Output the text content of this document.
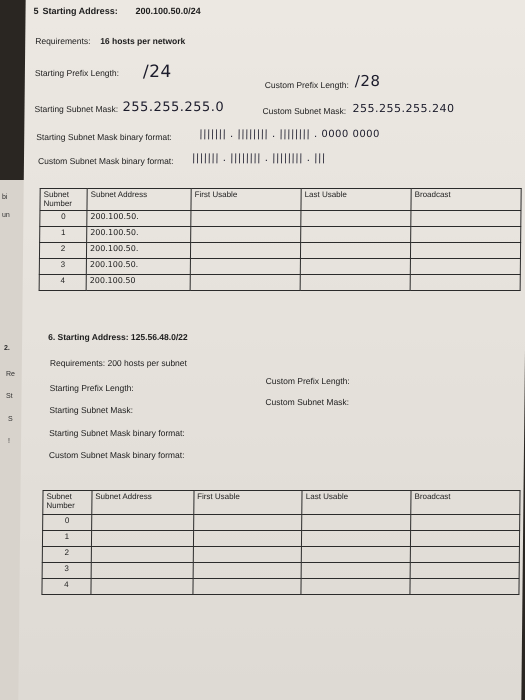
bi
un
2.
Re
St
S
!
5 Starting Address: 200.100.50.0/24
Requirements: 16 hosts per network
Starting Prefix Length: /24
Custom Prefix Length: /28
Starting Subnet Mask: 255.255.255.0	Custom Subnet Mask: 255.255.255.240
Starting Subnet Mask binary format:	||||||| . |||||||| . |||||||| . 0000 0000
Custom Subnet Mask binary format: ||||||| . |||||||| . |||||||| . |||
Subnet Number	Subnet Address	First Usable	Last Usable	Broadcast
0	200.100.50.			
1	200.100.50.			
2	200.100.50.			
3	200.100.50.			
4	200.100.50			
6. Starting Address: 125.56.48.0/22
Requirements: 200 hosts per subnet
Starting Prefix Length:
Custom Prefix Length:
Starting Subnet Mask:
Custom Subnet Mask:
Starting Subnet Mask binary format:
Custom Subnet Mask binary format:
Subnet Number	Subnet Address	First Usable	Last Usable	Broadcast
0				
1				
2				
3				
4				
